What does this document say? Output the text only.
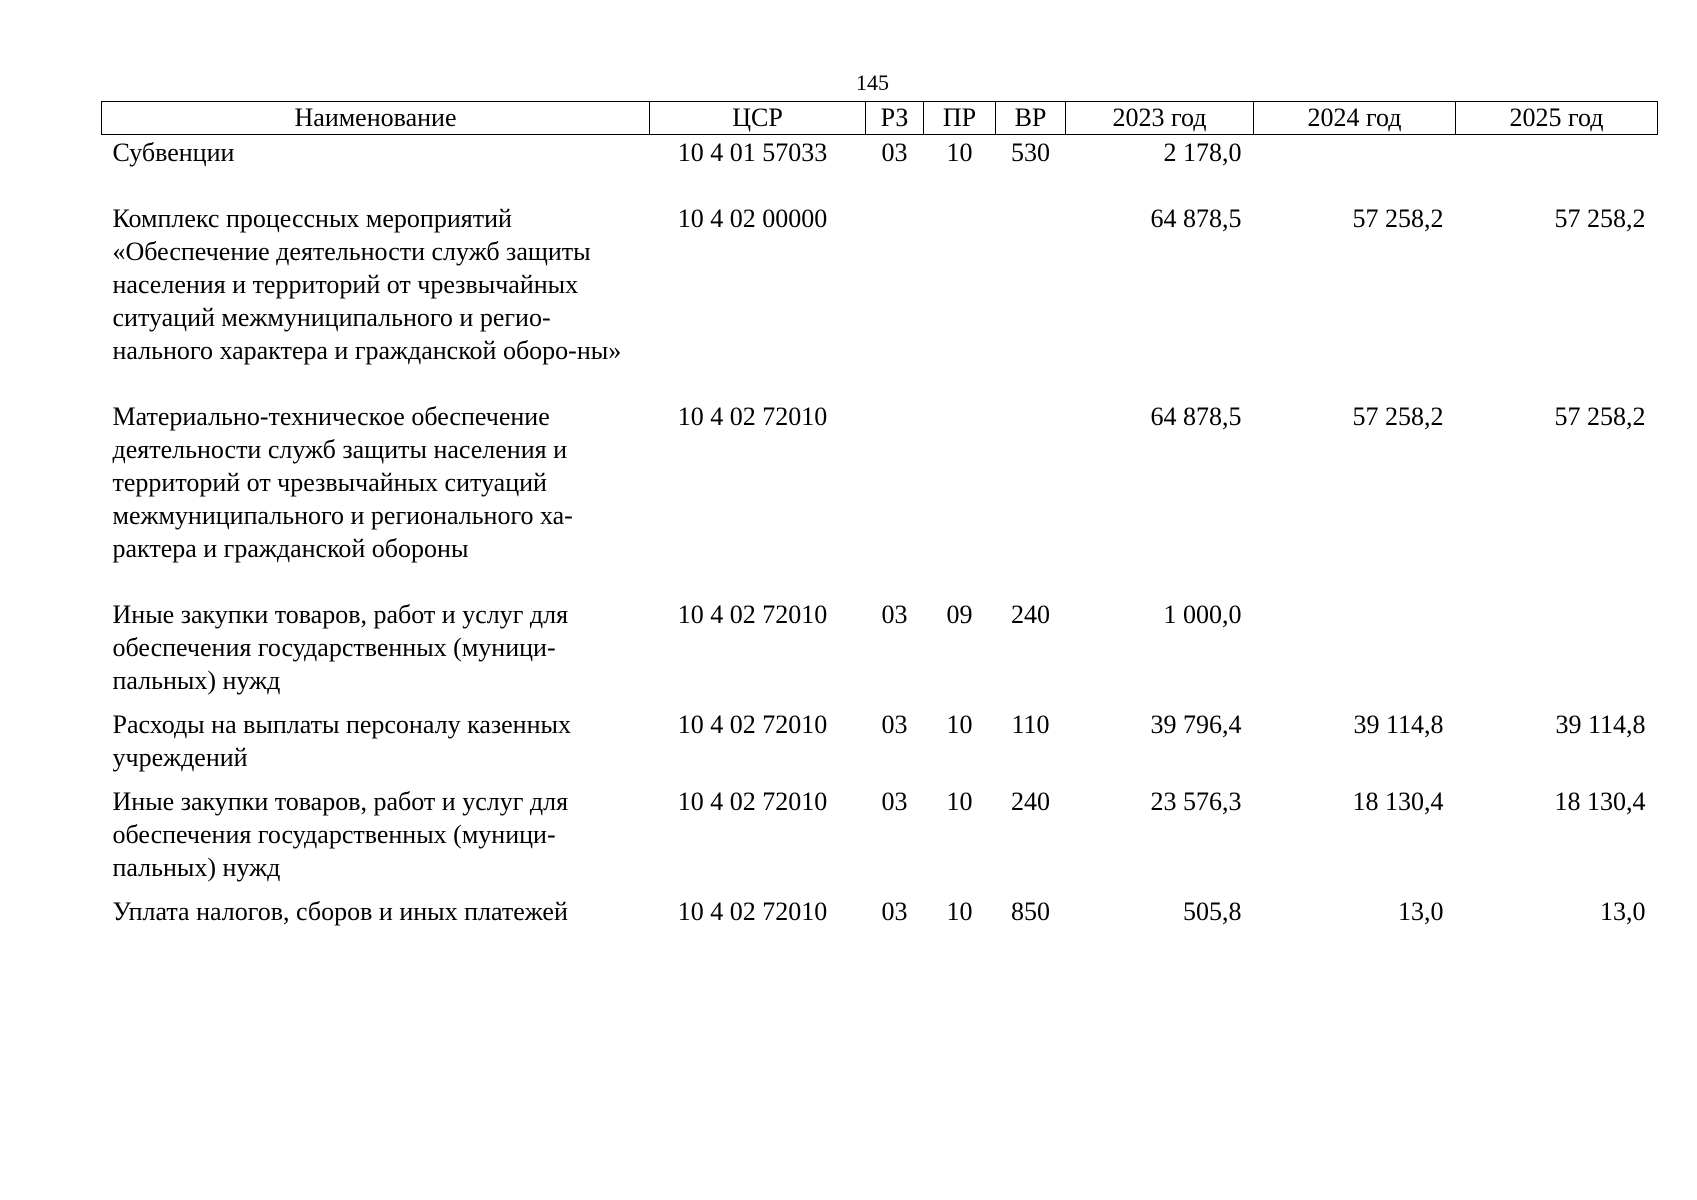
145
Наименование	ЦСР	РЗ	ПР	ВР	2023 год	2024 год	2025 год
Субвенции	10 4 01 57033	03	10	530	2 178,0		
Комплекс процессных мероприятий «Обеспечение деятельности служб защиты населения и территорий от чрезвычайных ситуаций межмуниципального и регио-нального характера и гражданской оборо-ны»	10 4 02 00000				64 878,5	57 258,2	57 258,2
Материально-техническое обеспечение деятельности служб защиты населения и территорий от чрезвычайных ситуаций межмуниципального и регионального ха-рактера и гражданской обороны	10 4 02 72010				64 878,5	57 258,2	57 258,2
Иные закупки товаров, работ и услуг для обеспечения государственных (муници-пальных) нужд	10 4 02 72010	03	09	240	1 000,0		
Расходы на выплаты персоналу казенных учреждений	10 4 02 72010	03	10	110	39 796,4	39 114,8	39 114,8
Иные закупки товаров, работ и услуг для обеспечения государственных (муници-пальных) нужд	10 4 02 72010	03	10	240	23 576,3	18 130,4	18 130,4
Уплата налогов, сборов и иных платежей	10 4 02 72010	03	10	850	505,8	13,0	13,0
